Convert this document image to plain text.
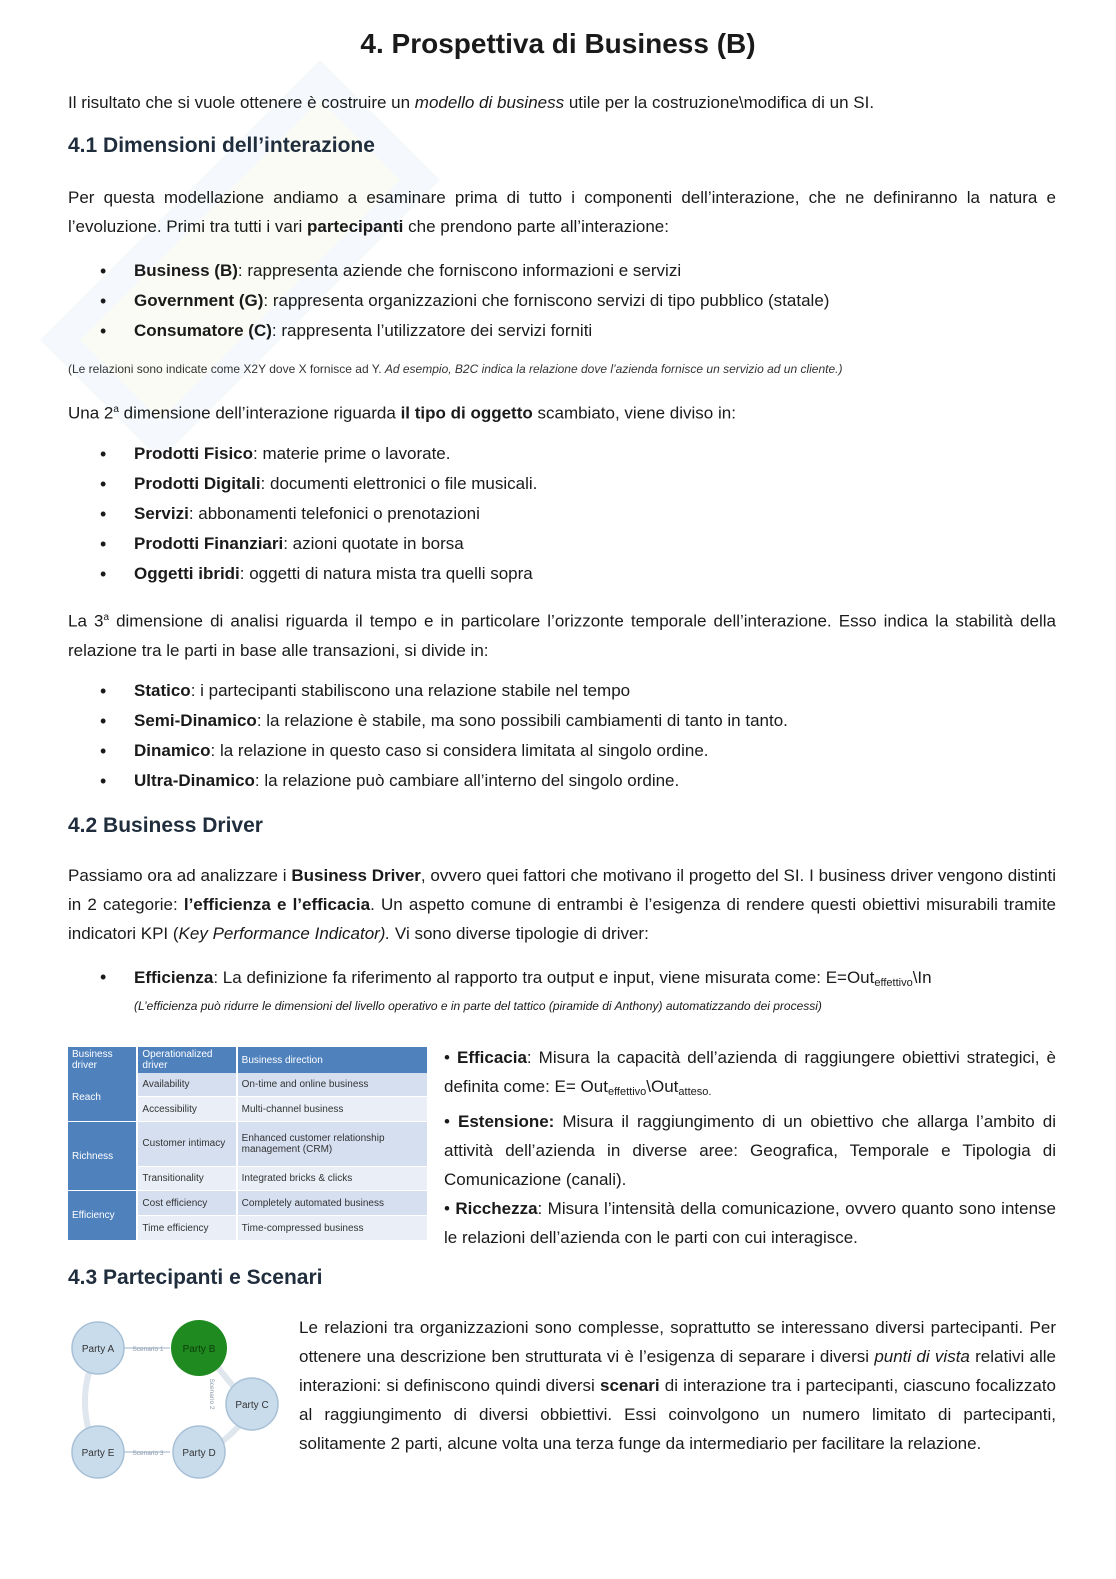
4. Prospettiva di Business (B)
Il risultato che si vuole ottenere è costruire un modello di business utile per la costruzione\modifica di un SI.
4.1 Dimensioni dell’interazione
Per questa modellazione andiamo a esaminare prima di tutto i componenti dell’interazione, che ne definiranno la natura e l’evoluzione. Primi tra tutti i vari partecipanti che prendono parte all’interazione:
• Business (B): rappresenta aziende che forniscono informazioni e servizi
• Government (G): rappresenta organizzazioni che forniscono servizi di tipo pubblico (statale)
• Consumatore (C): rappresenta l’utilizzatore dei servizi forniti
(Le relazioni sono indicate come X2Y dove X fornisce ad Y. Ad esempio, B2C indica la relazione dove l’azienda fornisce un servizio ad un cliente.)
Una 2$^a$ dimensione dell’interazione riguarda il tipo di oggetto scambiato, viene diviso in:
• Prodotti Fisico: materie prime o lavorate.
• Prodotti Digitali: documenti elettronici o file musicali.
• Servizi: abbonamenti telefonici o prenotazioni
• Prodotti Finanziari: azioni quotate in borsa
• Oggetti ibridi: oggetti di natura mista tra quelli sopra
La 3$^a$ dimensione di analisi riguarda il tempo e in particolare l’orizzonte temporale dell’interazione. Esso indica la stabilità della relazione tra le parti in base alle transazioni, si divide in:
• Statico: i partecipanti stabiliscono una relazione stabile nel tempo
• Semi-Dinamico: la relazione è stabile, ma sono possibili cambiamenti di tanto in tanto.
• Dinamico: la relazione in questo caso si considera limitata al singolo ordine.
• Ultra-Dinamico: la relazione può cambiare all’interno del singolo ordine.
4.2 Business Driver
Passiamo ora ad analizzare i Business Driver, ovvero quei fattori che motivano il progetto del SI. I business driver vengono distinti in 2 categorie: l’efficienza e l’efficacia. Un aspetto comune di entrambi è l’esigenza di rendere questi obiettivi misurabili tramite indicatori KPI (Key Performance Indicator). Vi sono diverse tipologie di driver:
• Efficienza: La definizione fa riferimento al rapporto tra output e input, viene misurata come: E=Out$_{effettivo}$\In

(L’efficienza può ridurre le dimensioni del livello operativo e in parte del tattico (piramide di Anthony) automatizzando dei processi)
Business driver	Operationalized driver	Business direction
Reach	Availability	On-time and online business
	Accessibility	Multi-channel business
Richness	Customer intimacy	Enhanced customer relationship management (CRM)
	Transitionality	Integrated bricks & clicks
Efficiency	Cost efficiency	Completely automated business
	Time efficiency	Time-compressed business
• Efficacia: Misura la capacità dell’azienda di raggiungere obiettivi strategici, è definita come: E= Out$_{effettivo}$\Out$_{atteso.}$
• Estensione: Misura il raggiungimento di un obiettivo che allarga l’ambito di attività dell’azienda in diverse aree: Geografica, Temporale e Tipologia di Comunicazione (canali).
• Ricchezza: Misura l’intensità della comunicazione, ovvero quanto sono intense le relazioni dell’azienda con le parti con cui interagisce.
4.3 Partecipanti e Scenari
Party A	Party B
Party C
Party D
Party E
Scenario 1
Scenario 3
Scenario 2
Le relazioni tra organizzazioni sono complesse, soprattutto se interessano diversi partecipanti. Per ottenere una descrizione ben strutturata vi è l’esigenza di separare i diversi punti di vista relativi alle interazioni: si definiscono quindi diversi scenari di interazione tra i partecipanti, ciascuno focalizzato al raggiungimento di diversi obbiettivi. Essi coinvolgono un numero limitato di partecipanti, solitamente 2 parti, alcune volta una terza funge da intermediario per facilitare la relazione.
